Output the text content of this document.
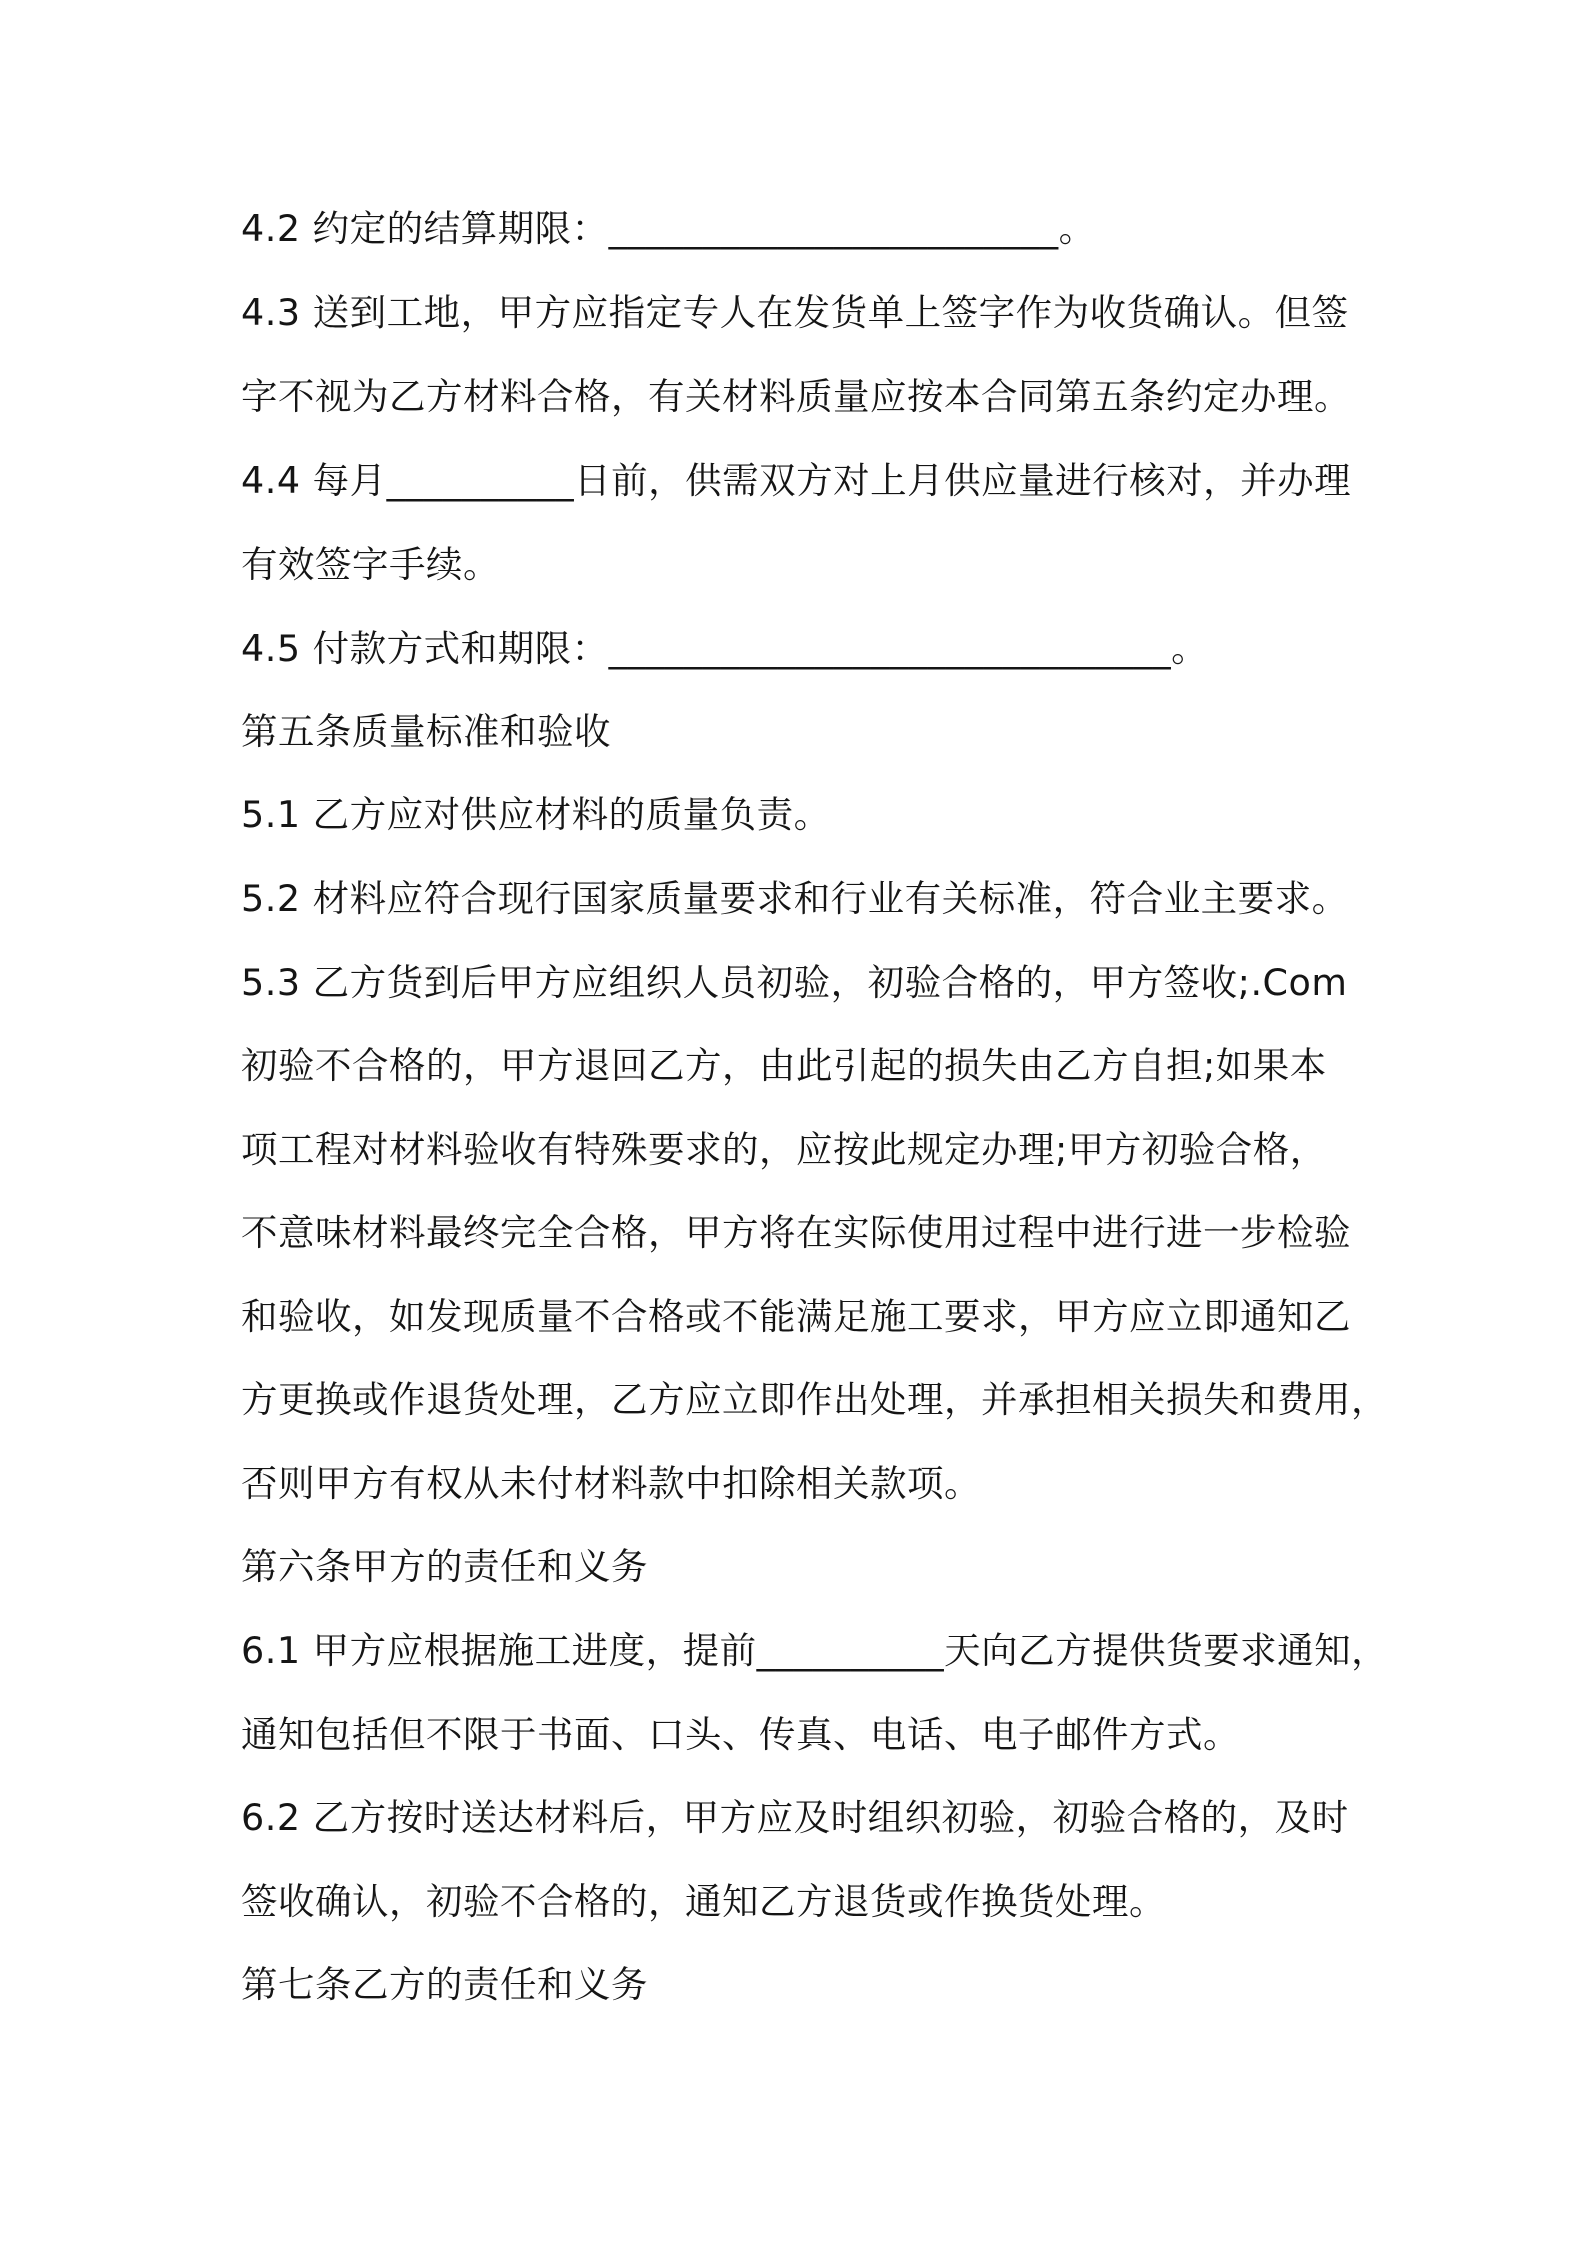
4.2 约定的结算期限：________________________。
4.3 送到工地，甲方应指定专人在发货单上签字作为收货确认。但签
字不视为乙方材料合格，有关材料质量应按本合同第五条约定办理。
4.4 每月__________日前，供需双方对上月供应量进行核对，并办理
有效签字手续。
4.5 付款方式和期限：______________________________。
第五条质量标准和验收
5.1 乙方应对供应材料的质量负责。
5.2 材料应符合现行国家质量要求和行业有关标准，符合业主要求。
5.3 乙方货到后甲方应组织人员初验，初验合格的，甲方签收;.Com
初验不合格的，甲方退回乙方，由此引起的损失由乙方自担;如果本
项工程对材料验收有特殊要求的，应按此规定办理;甲方初验合格，
不意味材料最终完全合格，甲方将在实际使用过程中进行进一步检验
和验收，如发现质量不合格或不能满足施工要求，甲方应立即通知乙
方更换或作退货处理，乙方应立即作出处理，并承担相关损失和费用，
否则甲方有权从未付材料款中扣除相关款项。
第六条甲方的责任和义务
6.1 甲方应根据施工进度，提前__________天向乙方提供货要求通知，
通知包括但不限于书面、口头、传真、电话、电子邮件方式。
6.2 乙方按时送达材料后，甲方应及时组织初验，初验合格的，及时
签收确认，初验不合格的，通知乙方退货或作换货处理。
第七条乙方的责任和义务
